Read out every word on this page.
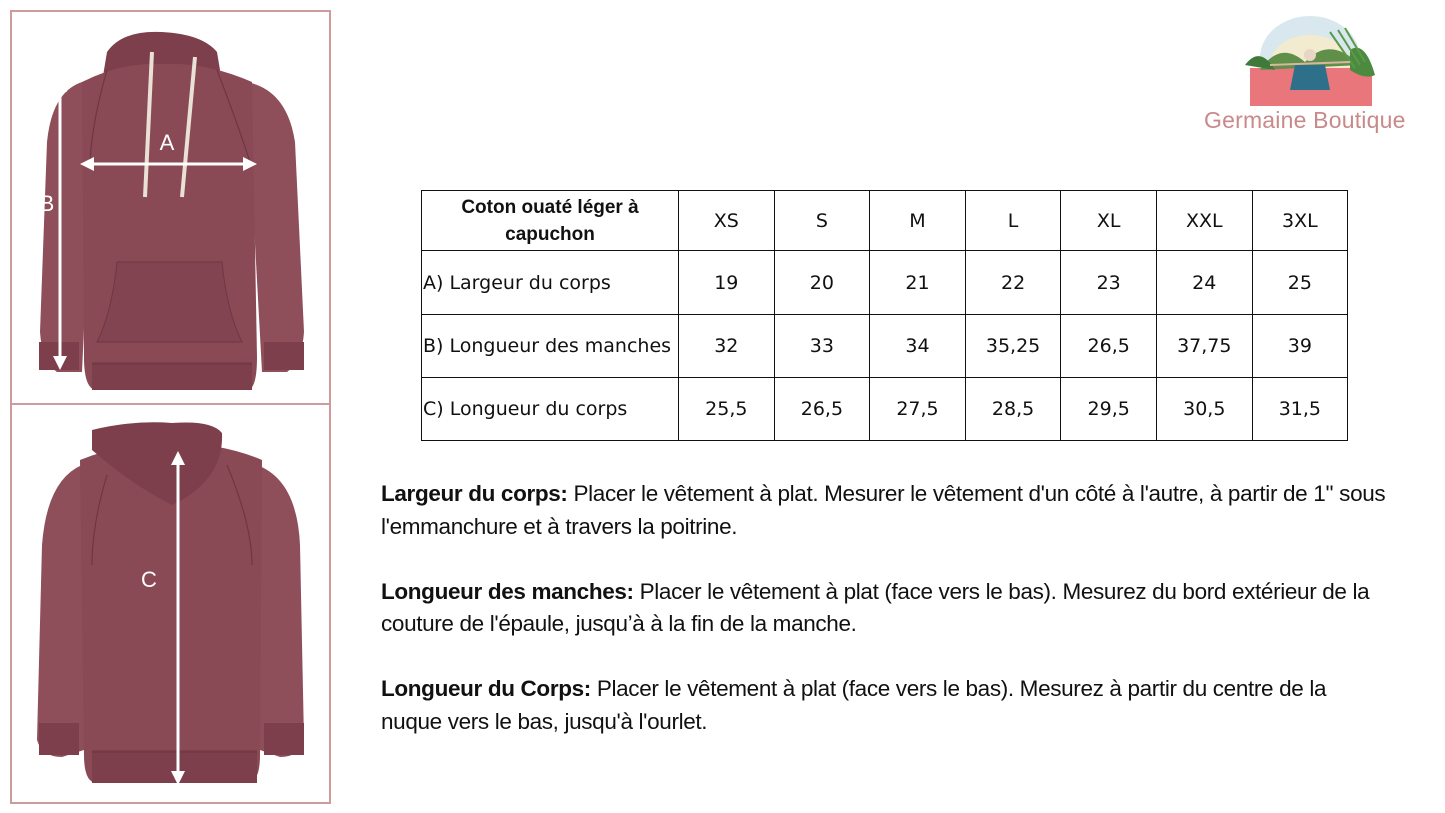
A
B
C
Germaine Boutique
Coton ouaté léger à capuchon	XS	S	M	L	XL	XXL	3XL
A) Largeur du corps	19	20	21	22	23	24	25
B) Longueur des manches	32	33	34	35,25	26,5	37,75	39
C) Longueur du corps	25,5	26,5	27,5	28,5	29,5	30,5	31,5

Largeur du corps: Placer le vêtement à plat. Mesurer le vêtement d'un côté à l'autre, à partir de 1'' sous l'emmanchure et à travers la poitrine.

Longueur des manches: Placer le vêtement à plat (face vers le bas). Mesurez du bord extérieur de la couture de l'épaule, jusqu’à à la fin de la manche.

Longueur du Corps: Placer le vêtement à plat (face vers le bas). Mesurez à partir du centre de la nuque vers le bas, jusqu'à l'ourlet.
